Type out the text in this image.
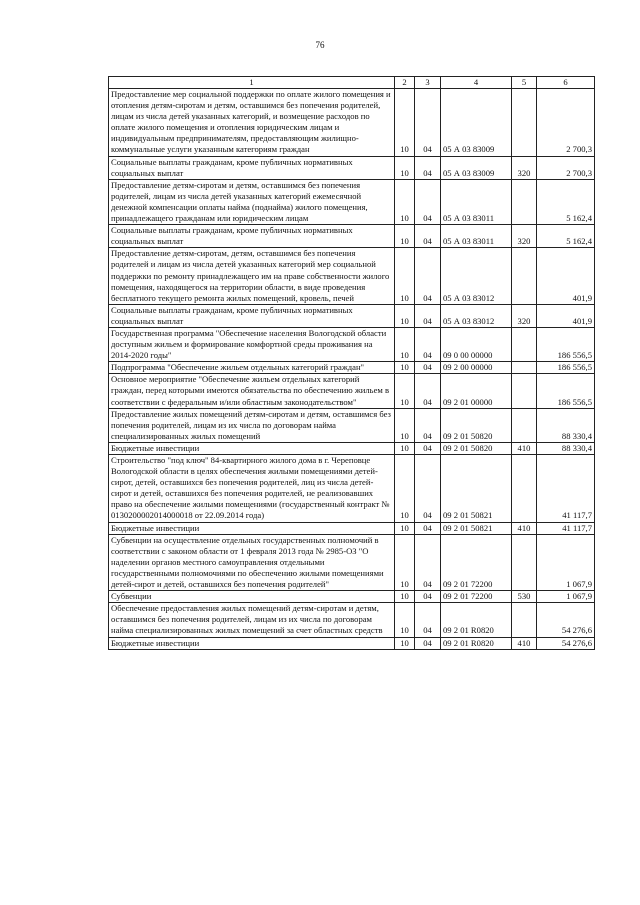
76
1	2	3	4	5	6
Предоставление мер социальной поддержки по оплате жилого помещения и отопления детям-сиротам и детям, оставшимся без попечения родителей, лицам из числа детей указанных категорий, и возмещение расходов по оплате жилого помещения и отопления юридическим лицам и индивидуальным предпринимателям, предоставляющим жилищно-коммунальные услуги указанным категориям граждан	10	04	05 А 03 83009		2 700,3
Социальные выплаты гражданам, кроме публичных нормативных социальных выплат	10	04	05 А 03 83009	320	2 700,3
Предоставление детям-сиротам и детям, оставшимся без попечения родителей, лицам из числа детей указанных категорий ежемесячной денежной компенсации оплаты найма (поднайма) жилого помещения, принадлежащего гражданам или юридическим лицам	10	04	05 А 03 83011		5 162,4
Социальные выплаты гражданам, кроме публичных нормативных социальных выплат	10	04	05 А 03 83011	320	5 162,4
Предоставление детям-сиротам, детям, оставшимся без попечения родителей и лицам из числа детей указанных категорий мер социальной поддержки по ремонту принадлежащего им на праве собственности жилого помещения, находящегося на территории области, в виде проведения бесплатного текущего ремонта жилых помещений, кровель, печей	10	04	05 А 03 83012		401,9
Социальные выплаты гражданам, кроме публичных нормативных социальных выплат	10	04	05 А 03 83012	320	401,9
Государственная программа "Обеспечение населения Вологодской области доступным жильем и формирование комфортной среды проживания на 2014-2020 годы"	10	04	09 0 00 00000		186 556,5
Подпрограмма "Обеспечение жильем отдельных категорий граждан"	10	04	09 2 00 00000		186 556,5
Основное мероприятие "Обеспечение жильем отдельных категорий граждан, перед которыми имеются обязательства по обеспечению жильем в соответствии с федеральным и/или областным законодательством"	10	04	09 2 01 00000		186 556,5
Предоставление жилых помещений детям-сиротам и детям, оставшимся без попечения родителей, лицам из их числа по договорам найма специализированных жилых помещений	10	04	09 2 01 50820		88 330,4
Бюджетные инвестиции	10	04	09 2 01 50820	410	88 330,4
Строительство "под ключ" 84-квартирного жилого дома в г. Череповце Вологодской области в целях обеспечения жилыми помещениями детей-сирот, детей, оставшихся без попечения родителей, лиц из числа детей-сирот и детей, оставшихся без попечения родителей, не реализовавших право на обеспечение жилыми помещениями (государственный контракт № 0130200002014000018 от 22.09.2014 года)	10	04	09 2 01 50821		41 117,7
Бюджетные инвестиции	10	04	09 2 01 50821	410	41 117,7
Субвенции на осуществление отдельных государственных полномочий в соответствии с законом области от 1 февраля 2013 года № 2985-ОЗ "О наделении органов местного самоуправления отдельными государственными полномочиями по обеспечению жилыми помещениями детей-сирот и детей, оставшихся без попечения родителей"	10	04	09 2 01 72200		1 067,9
Субвенции	10	04	09 2 01 72200	530	1 067,9
Обеспечение предоставления жилых помещений детям-сиротам и детям, оставшимся без попечения родителей, лицам из их числа по договорам найма специализированных жилых помещений за счет областных средств	10	04	09 2 01 R0820		54 276,6
Бюджетные инвестиции	10	04	09 2 01 R0820	410	54 276,6
